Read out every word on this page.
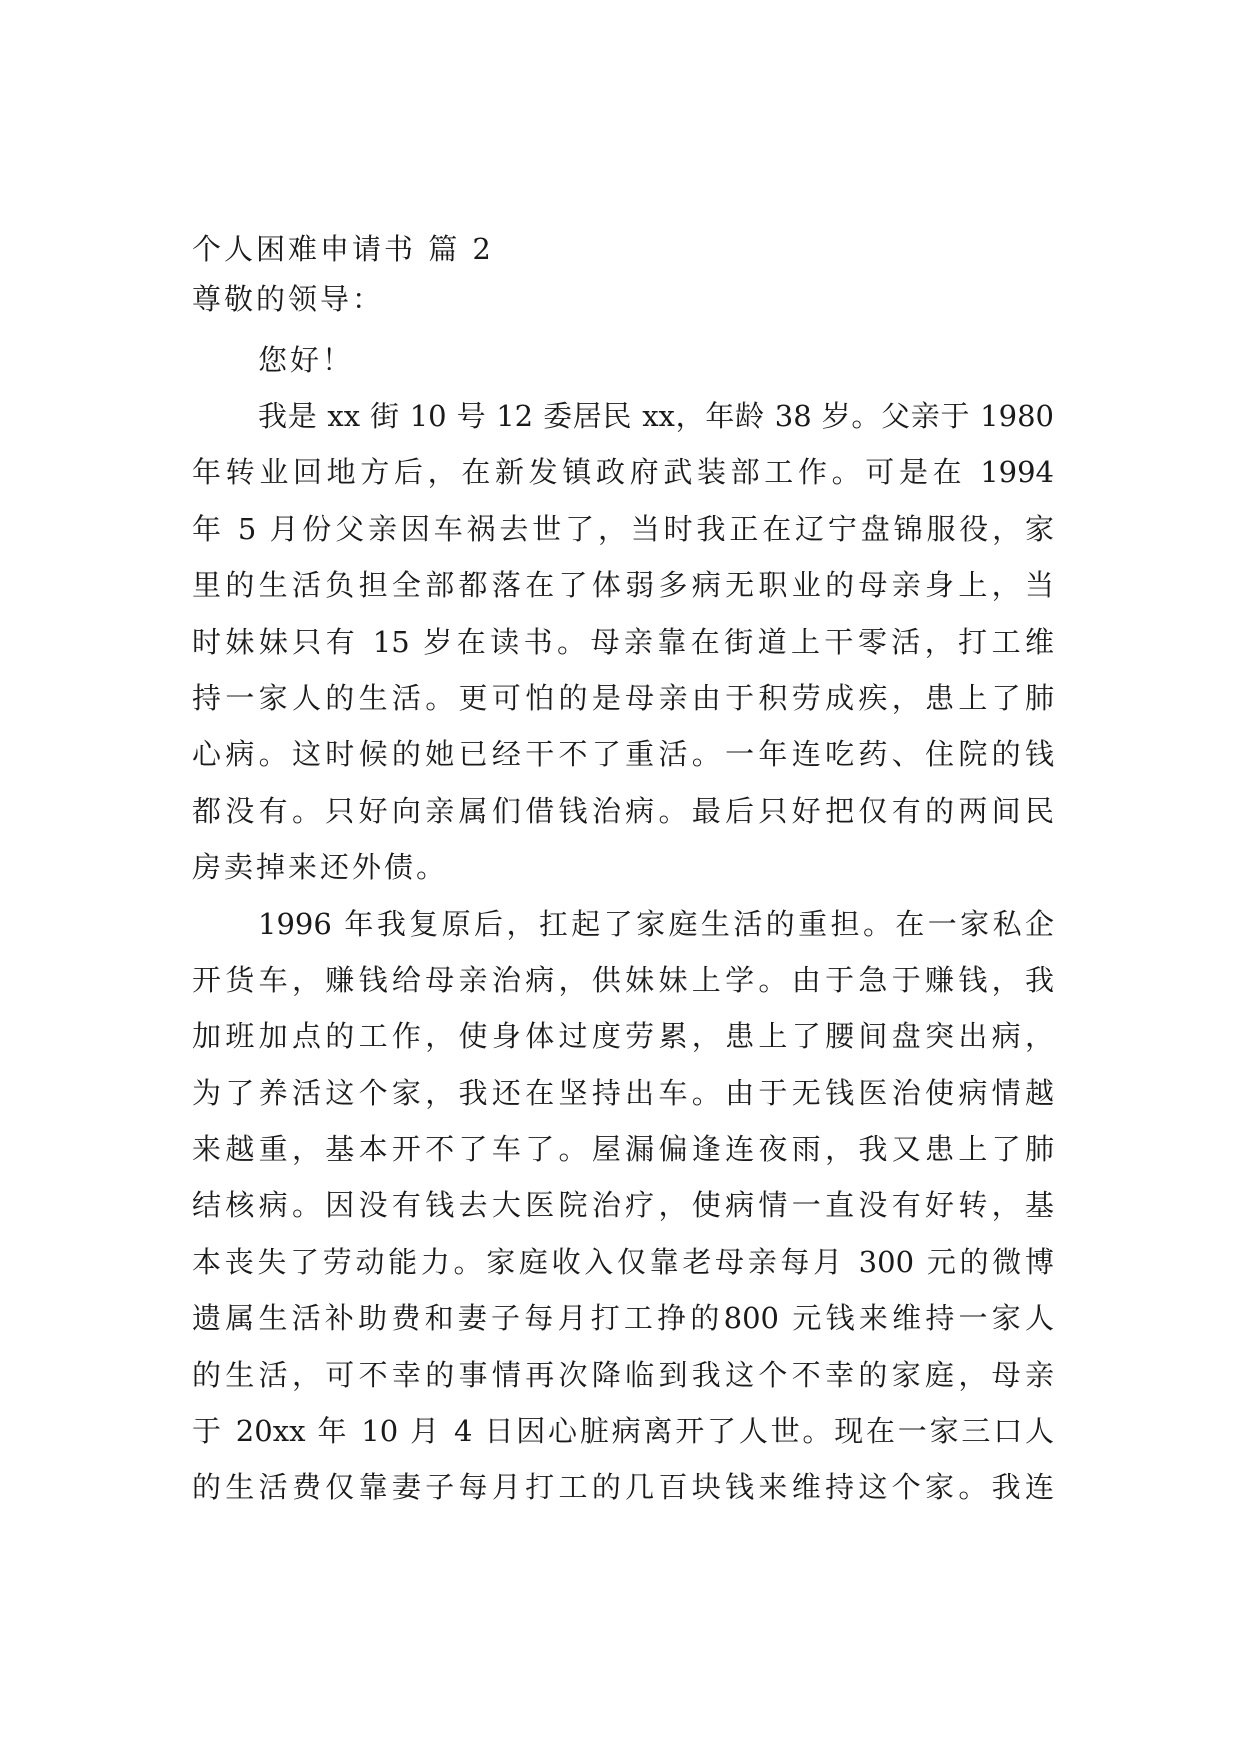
个人困难申请书 篇 2
尊敬的领导：
您好！
我是 xx 街 10 号 12 委居民 xx，年龄 38 岁。父亲于 1980
年转业回地方后，在新发镇政府武装部工作。可是在 1994
年 5 月份父亲因车祸去世了，当时我正在辽宁盘锦服役，家
里的生活负担全部都落在了体弱多病无职业的母亲身上，当
时妹妹只有 15 岁在读书。母亲靠在街道上干零活，打工维
持一家人的生活。更可怕的是母亲由于积劳成疾，患上了肺
心病。这时候的她已经干不了重活。一年连吃药、住院的钱
都没有。只好向亲属们借钱治病。最后只好把仅有的两间民
房卖掉来还外债。
1996 年我复原后，扛起了家庭生活的重担。在一家私企
开货车，赚钱给母亲治病，供妹妹上学。由于急于赚钱，我
加班加点的工作，使身体过度劳累，患上了腰间盘突出病，
为了养活这个家，我还在坚持出车。由于无钱医治使病情越
来越重，基本开不了车了。屋漏偏逢连夜雨，我又患上了肺
结核病。因没有钱去大医院治疗，使病情一直没有好转，基
本丧失了劳动能力。家庭收入仅靠老母亲每月 300 元的微博
遗属生活补助费和妻子每月打工挣的800 元钱来维持一家人
的生活，可不幸的事情再次降临到我这个不幸的家庭，母亲
于 20xx 年 10 月 4 日因心脏病离开了人世。现在一家三口人
的生活费仅靠妻子每月打工的几百块钱来维持这个家。我连
